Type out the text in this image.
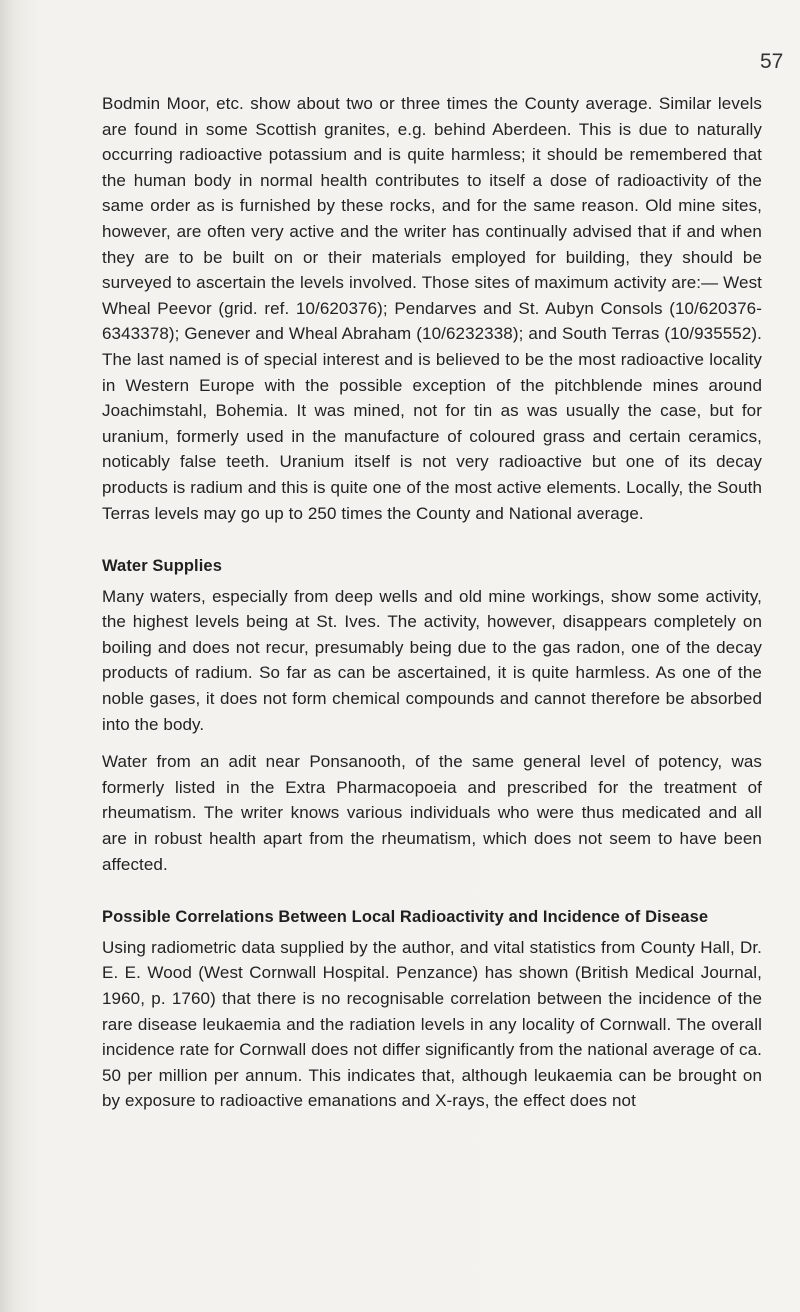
57

Bodmin Moor, etc. show about two or three times the County average. Similar levels are found in some Scottish granites, e.g. behind Aberdeen. This is due to naturally occurring radioactive potassium and is quite harmless; it should be remembered that the human body in normal health contributes to itself a dose of radioactivity of the same order as is furnished by these rocks, and for the same reason. Old mine sites, however, are often very active and the writer has continually advised that if and when they are to be built on or their materials employed for building, they should be surveyed to ascertain the levels involved. Those sites of maximum activity are:— West Wheal Peevor (grid. ref. 10/620376); Pendarves and St. Aubyn Consols (10/620376-6343378); Genever and Wheal Abraham (10/6232338); and South Terras (10/935552). The last named is of special interest and is believed to be the most radioactive locality in Western Europe with the possible exception of the pitchblende mines around Joachimstahl, Bohemia. It was mined, not for tin as was usually the case, but for uranium, formerly used in the manufacture of coloured grass and certain ceramics, noticably false teeth. Uranium itself is not very radioactive but one of its decay products is radium and this is quite one of the most active elements. Locally, the South Terras levels may go up to 250 times the County and National average.

Water Supplies

Many waters, especially from deep wells and old mine workings, show some activity, the highest levels being at St. Ives. The activity, however, disappears completely on boiling and does not recur, presumably being due to the gas radon, one of the decay products of radium. So far as can be ascertained, it is quite harmless. As one of the noble gases, it does not form chemical compounds and cannot therefore be absorbed into the body.

Water from an adit near Ponsanooth, of the same general level of potency, was formerly listed in the Extra Pharmacopoeia and prescribed for the treatment of rheumatism. The writer knows various individuals who were thus medicated and all are in robust health apart from the rheumatism, which does not seem to have been affected.

Possible Correlations Between Local Radioactivity and Incidence of Disease

Using radiometric data supplied by the author, and vital statistics from County Hall, Dr. E. E. Wood (West Cornwall Hospital. Penzance) has shown (British Medical Journal, 1960, p. 1760) that there is no recognisable correlation between the incidence of the rare disease leukaemia and the radiation levels in any locality of Cornwall. The overall incidence rate for Cornwall does not differ significantly from the national average of ca. 50 per million per annum. This indicates that, although leukaemia can be brought on by exposure to radioactive emanations and X-rays, the effect does not
